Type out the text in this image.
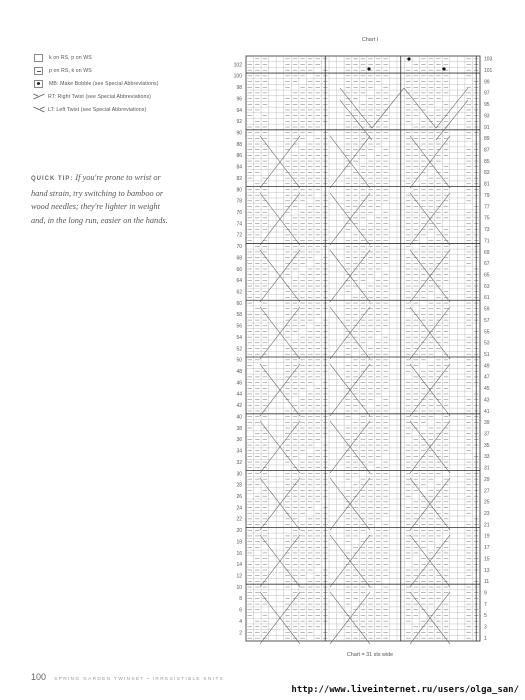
k on RS, p on WS
p on RS, k on WS
MB: Make Bobble (see Special Abbreviations)
RT: Right Twist (see Special Abbreviations)
LT: Left Twist (see Special Abbreviations)
QUICK TIP: If you're prone to wrist or hand strain, try switching to bamboo or wood needles; they're lighter in weight and, in the long run, easier on the hands.
Chart I
102
100
98
96
94
92
90
88
86
84
82
80
78
76
74
72
70
68
66
64
62
60
58
56
54
52
50
48
46
44
42
40
38
36
34
32
30
28
26
24
22
20
18
16
14
12
10
8
6
4
2
103
101
99
97
95
93
91
89
87
85
83
81
79
77
75
73
71
69
67
65
63
61
59
57
55
53
51
49
47
45
43
41
39
37
35
33
31
29
27
25
23
21
19
17
15
13
11
9
7
5
3
1
Chart = 31 sts wide
100 SPRING GARDEN TWINSET • IRRESISTIBLE KNITS
http://www.liveinternet.ru/users/olga_san/
